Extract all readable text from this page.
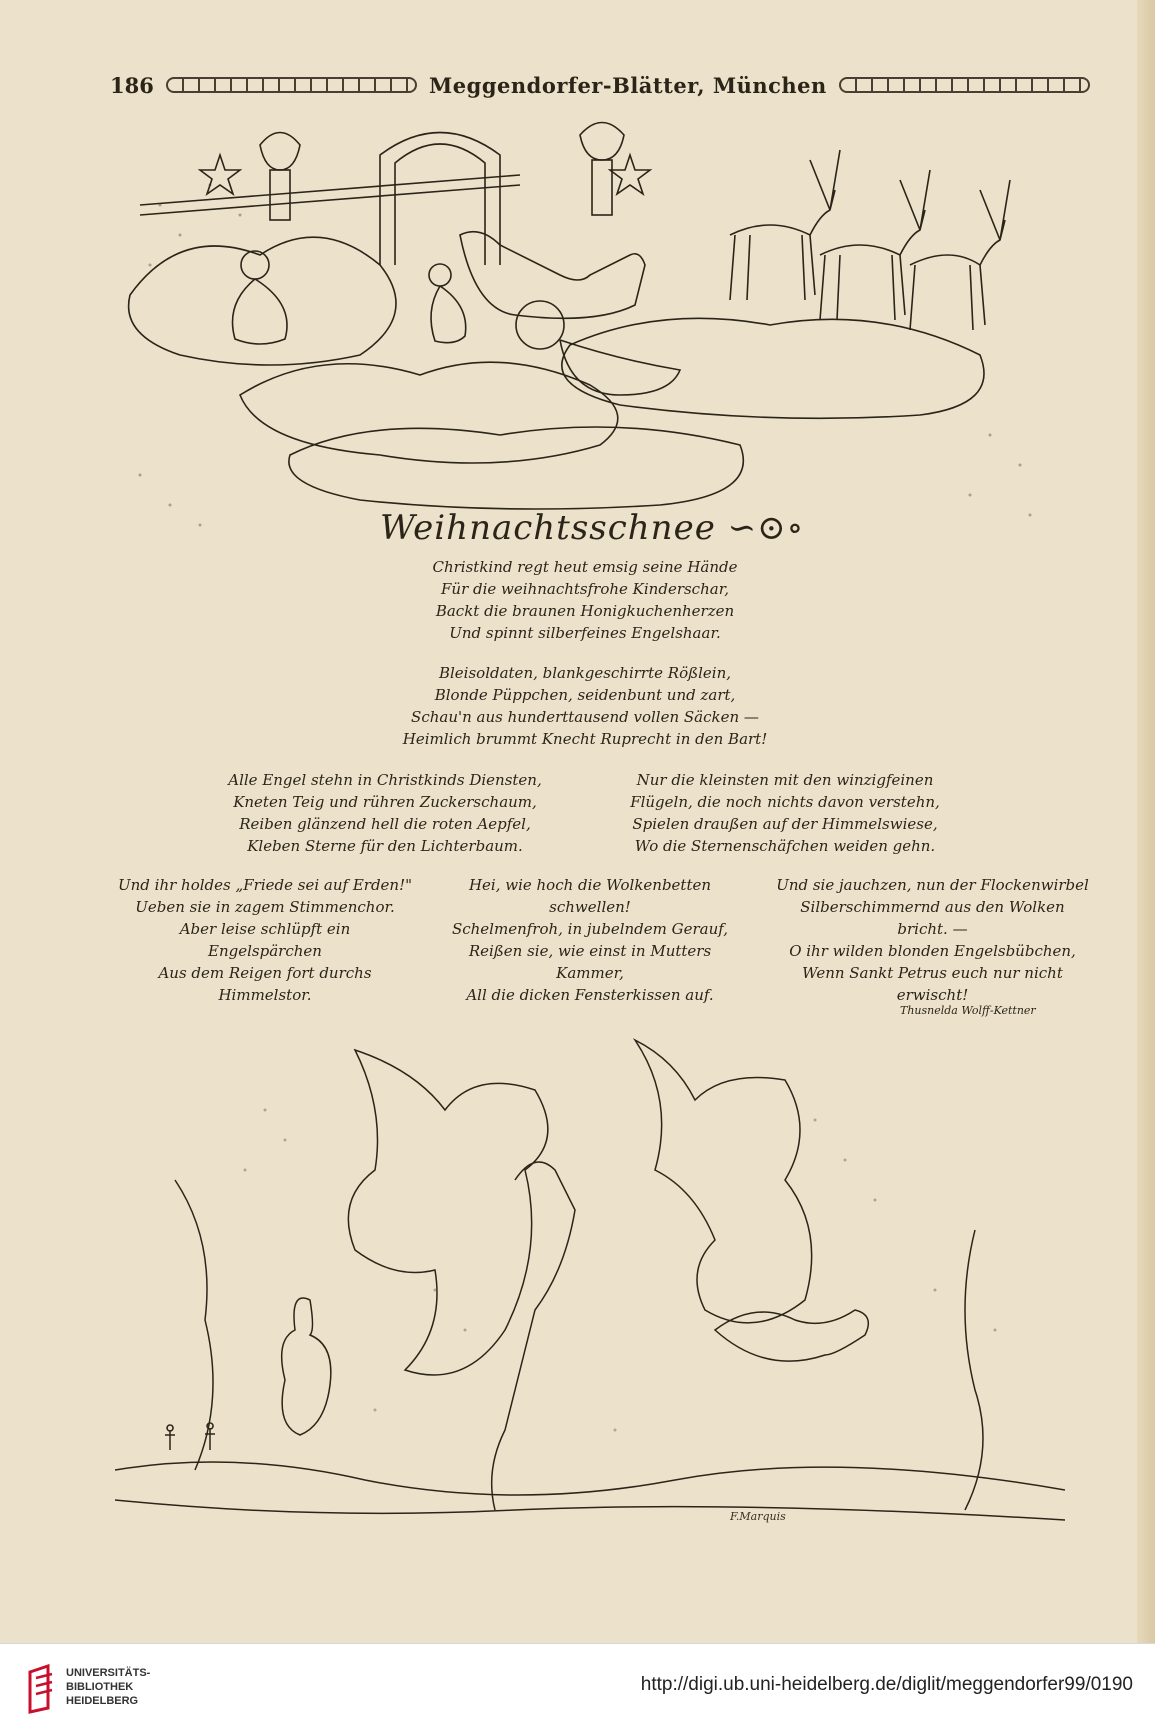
186	Meggendorfer-Blätter, München
Weihnachtsschnee ∽⊙∘
Christkind regt heut emsig seine Hände
Für die weihnachtsfrohe Kinderschar,
Backt die braunen Honigkuchenherzen
Und spinnt silberfeines Engelshaar.
Bleisoldaten, blankgeschirrte Rößlein,
Blonde Püppchen, seidenbunt und zart,
Schau'n aus hunderttausend vollen Säcken —
Heimlich brummt Knecht Ruprecht in den Bart!
Alle Engel stehn in Christkinds Diensten,
Kneten Teig und rühren Zuckerschaum,
Reiben glänzend hell die roten Aepfel,
Kleben Sterne für den Lichterbaum.
Nur die kleinsten mit den winzigfeinen
Flügeln, die noch nichts davon verstehn,
Spielen draußen auf der Himmelswiese,
Wo die Sternenschäfchen weiden gehn.
Und ihr holdes „Friede sei auf Erden!"
Ueben sie in zagem Stimmenchor.
Aber leise schlüpft ein
Engelspärchen
Aus dem Reigen fort durchs
Himmelstor.
Hei, wie hoch die Wolkenbetten
schwellen!
Schelmenfroh, in jubelndem Gerauf,
Reißen sie, wie einst in Mutters
Kammer,
All die dicken Fensterkissen auf.
Und sie jauchzen, nun der Flockenwirbel
Silberschimmernd aus den Wolken
bricht. —
O ihr wilden blonden Engelsbübchen,
Wenn Sankt Petrus euch nur nicht
erwischt!
Thusnelda Wolff-Kettner
F.Marquis
UNIVERSITÄTS-
BIBLIOTHEK
HEIDELBERG
http://digi.ub.uni-heidelberg.de/diglit/meggendorfer99/0190
